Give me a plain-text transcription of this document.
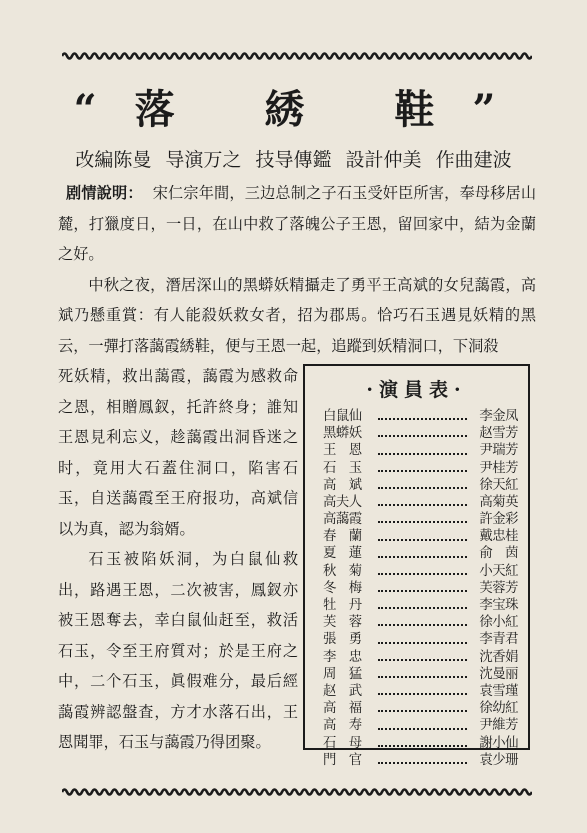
“落 綉 鞋”
改編陈曼 导演万之 技导傳鑑 設計仲美 作曲建波
剧情說明： 宋仁宗年間，三边总制之子石玉受奸臣所害，奉母移居山麓，打獵度日，一日，在山中救了落魄公子王恩，留回家中，結为金蘭之好。
中秋之夜，潛居深山的黑蟒妖精攝走了勇平王高斌的女兒藹霞，高斌乃懸重賞：有人能殺妖救女者，招为郡馬。恰巧石玉遇見妖精的黑云，一彈打落藹霞綉鞋，便与王恩一起，追蹤到妖精洞口，下洞殺
死妖精，救出藹霞，藹霞为感救命之恩，相贈鳳釵，托許終身；誰知王恩見利忘义，趁藹霞出洞昏迷之时，竟用大石蓋住洞口，陷害石玉，自送藹霞至王府报功，高斌信以为真，認为翁婿。
石玉被陷妖洞，为白鼠仙救出，路遇王恩，二次被害，鳳釵亦被王恩奪去，幸白鼠仙赶至，救活石玉，令至王府質对；於是王府之中，二个石玉，眞假难分，最后經藹霞辨認盤査，方才水落石出，王恩聞罪，石玉与藹霞乃得团聚。
·演員表·
白鼠仙	李金凤
黑蟒妖	赵雪芳
王　恩	尹瑞芳
石　玉	尹桂芳
高　斌	徐天紅
高夫人	高菊英
高藹霞	許金彩
春　蘭	戴忠桂
夏　蓮	俞　茵
秋　菊	小天紅
冬　梅	芙蓉芳
牡　丹	李宝珠
芙　蓉	徐小紅
張　勇	李青君
李　忠	沈香娟
周　猛	沈曼丽
赵　武	袁雪瑾
高　福	徐幼紅
高　寿	尹維芳
石　母	謝小仙
門　官	袁少珊
